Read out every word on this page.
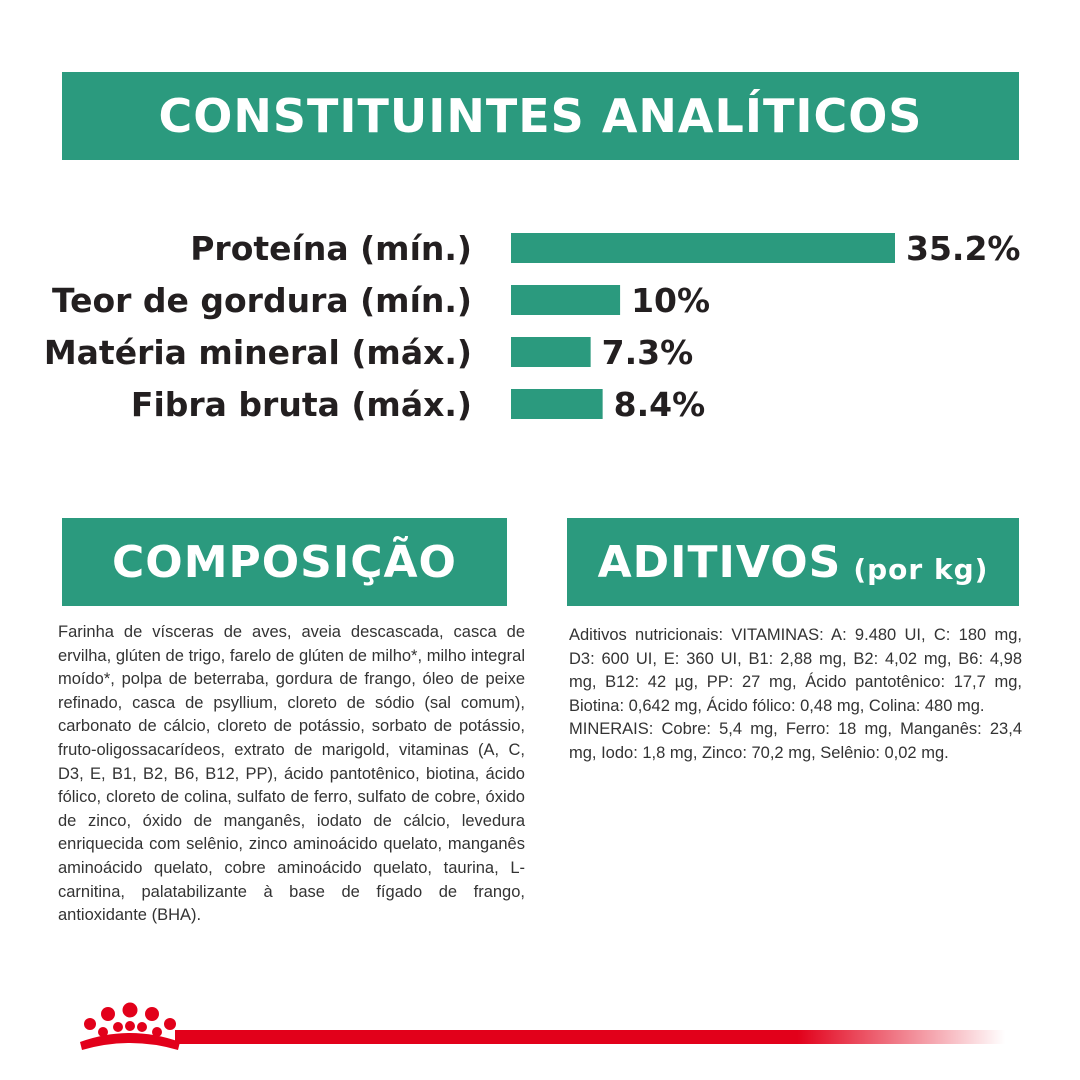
CONSTITUINTES ANALÍTICOS
Proteína (mín.)	35.2%
Teor de gordura (mín.)	10%
Matéria mineral (máx.)	7.3%
Fibra bruta (máx.)	8.4%
COMPOSIÇÃO	ADITIVOS (por kg)
Farinha de vísceras de aves, aveia descascada, casca de ervilha, glúten de trigo, farelo de glúten de milho*, milho integral moído*, polpa de beterraba, gordura de frango, óleo de peixe refinado, casca de psyllium, cloreto de sódio (sal comum), carbonato de cálcio, cloreto de potássio, sorbato de potássio, fruto-oligossacarídeos, extrato de marigold, vitaminas (A, C, D3, E, B1, B2, B6, B12, PP), ácido pantotênico, biotina, ácido fólico, cloreto de colina, sulfato de ferro, sulfato de cobre, óxido de zinco, óxido de manganês, iodato de cálcio, levedura enriquecida com selênio, zinco aminoácido quelato, manganês aminoácido quelato, cobre aminoácido quelato, taurina, L-carnitina, palatabilizante à base de fígado de frango, antioxidante (BHA).

Aditivos nutricionais: VITAMINAS: A: 9.480 UI, C: 180 mg, D3: 600 UI, E: 360 UI, B1: 2,88 mg, B2: 4,02 mg, B6: 4,98 mg, B12: 42 µg, PP: 27 mg, Ácido pantotênico: 17,7 mg, Biotina: 0,642 mg, Ácido fólico: 0,48 mg, Colina: 480 mg.

MINERAIS: Cobre: 5,4 mg, Ferro: 18 mg, Manganês: 23,4 mg, Iodo: 1,8 mg, Zinco: 70,2 mg, Selênio: 0,02 mg.
